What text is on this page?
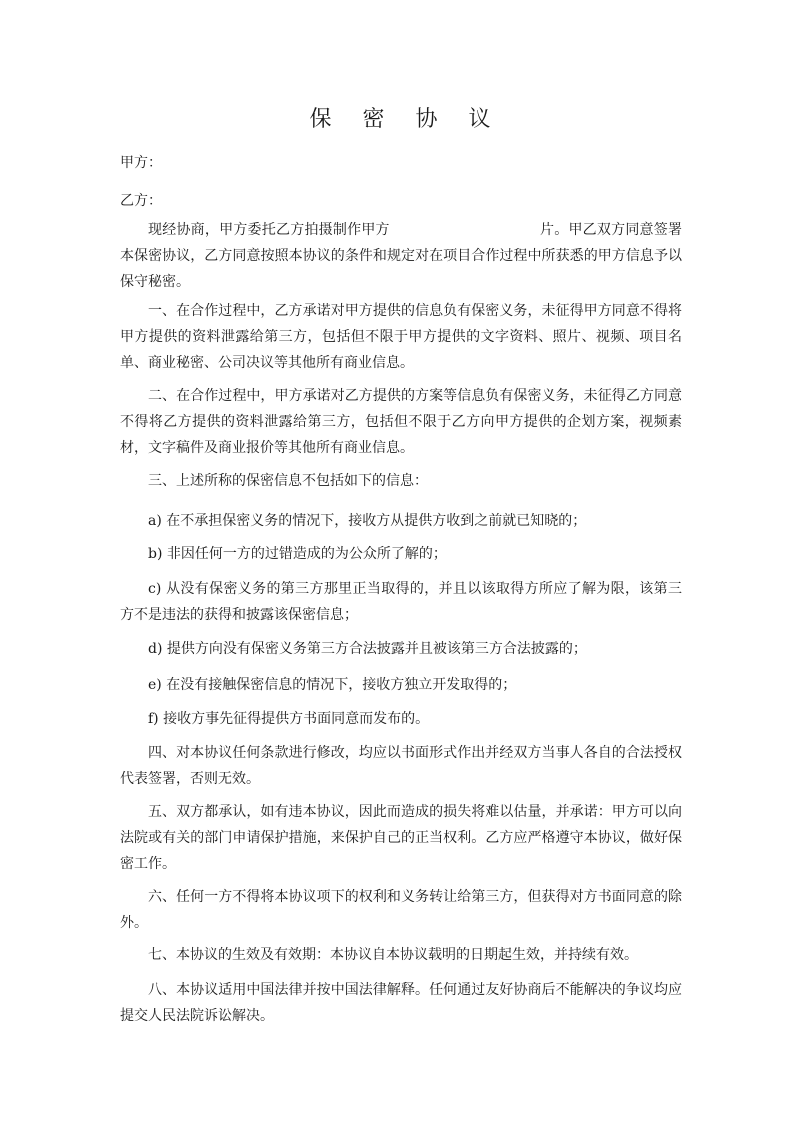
保 密 协 议
甲方：
乙方：

现经协商，甲方委托乙方拍摄制作甲方	片。甲乙双方同意签署本保密协议，乙方同意按照本协议的条件和规定对在项目合作过程中所获悉的甲方信息予以保守秘密。

一、在合作过程中，乙方承诺对甲方提供的信息负有保密义务，未征得甲方同意不得将甲方提供的资料泄露给第三方，包括但不限于甲方提供的文字资料、照片、视频、项目名单、商业秘密、公司决议等其他所有商业信息。

二、在合作过程中，甲方承诺对乙方提供的方案等信息负有保密义务，未征得乙方同意不得将乙方提供的资料泄露给第三方，包括但不限于乙方向甲方提供的企划方案，视频素材，文字稿件及商业报价等其他所有商业信息。

三、上述所称的保密信息不包括如下的信息：

a) 在不承担保密义务的情况下，接收方从提供方收到之前就已知晓的；

b) 非因任何一方的过错造成的为公众所了解的；

c) 从没有保密义务的第三方那里正当取得的，并且以该取得方所应了解为限，该第三方不是违法的获得和披露该保密信息；

d) 提供方向没有保密义务第三方合法披露并且被该第三方合法披露的；

e) 在没有接触保密信息的情况下，接收方独立开发取得的；

f) 接收方事先征得提供方书面同意而发布的。

四、对本协议任何条款进行修改，均应以书面形式作出并经双方当事人各自的合法授权代表签署，否则无效。

五、双方都承认，如有违本协议，因此而造成的损失将难以估量，并承诺：甲方可以向法院或有关的部门申请保护措施，来保护自己的正当权利。乙方应严格遵守本协议，做好保密工作。

六、任何一方不得将本协议项下的权利和义务转让给第三方，但获得对方书面同意的除外。

七、本协议的生效及有效期：本协议自本协议载明的日期起生效，并持续有效。

八、本协议适用中国法律并按中国法律解释。任何通过友好协商后不能解决的争议均应提交人民法院诉讼解决。
